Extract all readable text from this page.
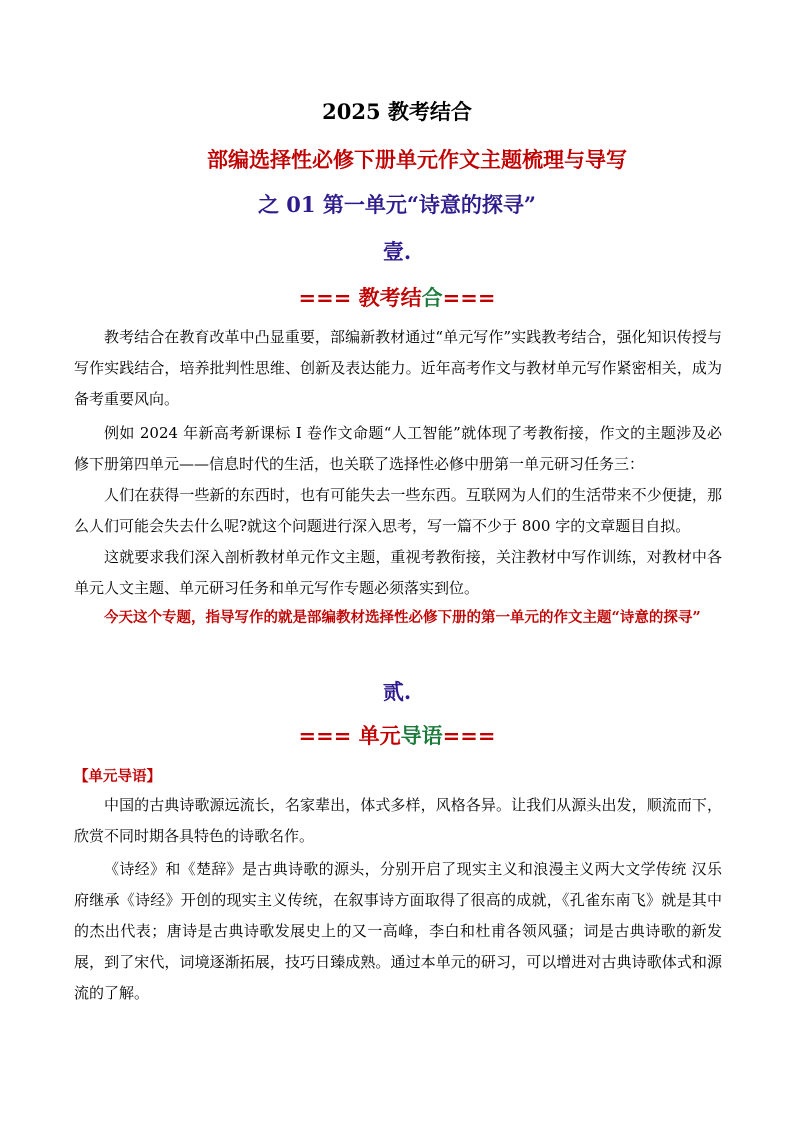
2025 教考结合
部编选择性必修下册单元作文主题梳理与导写
之 01 第一单元“诗意的探寻”
壹.
=== 教考结合===

教考结合在教育改革中凸显重要，部编新教材通过“单元写作”实践教考结合，强化知识传授与写作实践结合，培养批判性思维、创新及表达能力。近年高考作文与教材单元写作紧密相关，成为备考重要风向。

例如 2024 年新高考新课标 I 卷作文命题“人工智能”就体现了考教衔接，作文的主题涉及必修下册第四单元——信息时代的生活，也关联了选择性必修中册第一单元研习任务三：

人们在获得一些新的东西时，也有可能失去一些东西。互联网为人们的生活带来不少便捷，那么人们可能会失去什么呢?就这个问题进行深入思考，写一篇不少于 800 字的文章题目自拟。

这就要求我们深入剖析教材单元作文主题，重视考教衔接，关注教材中写作训练，对教材中各单元人文主题、单元研习任务和单元写作专题必须落实到位。

今天这个专题，指导写作的就是部编教材选择性必修下册的第一单元的作文主题“诗意的探寻”

贰.
=== 单元导语===
【单元导语】

中国的古典诗歌源远流长，名家辈出，体式多样，风格各异。让我们从源头出发，顺流而下，欣赏不同时期各具特色的诗歌名作。

《诗经》和《楚辞》是古典诗歌的源头，分别开启了现实主义和浪漫主义两大文学传统 汉乐府继承《诗经》开创的现实主义传统，在叙事诗方面取得了很高的成就，《孔雀东南飞》就是其中的杰出代表；唐诗是古典诗歌发展史上的又一高峰，李白和杜甫各领风骚；词是古典诗歌的新发展，到了宋代，词境逐渐拓展，技巧日臻成熟。通过本单元的研习，可以增进对古典诗歌体式和源流的了解。
